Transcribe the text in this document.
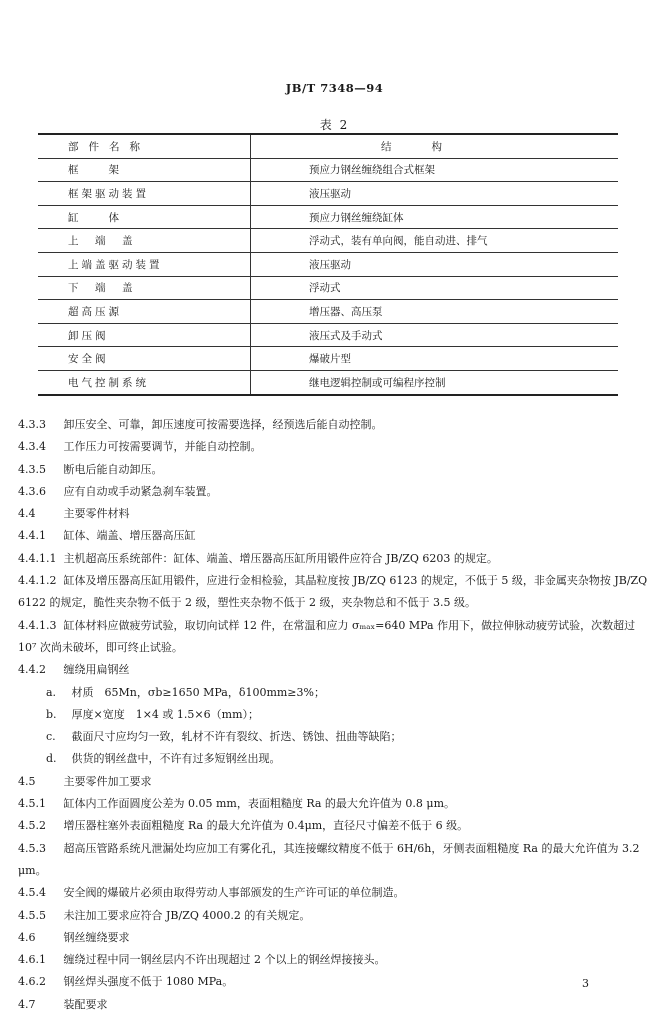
JB/T 7348—94
表 2
部件名称	结构
框　　架	预应力钢丝缠绕组合式框架
框架驱动装置	液压驱动
缸　　体	预应力钢丝缠绕缸体
上　端　盖	浮动式，装有单向阀，能自动进、排气
上端盖驱动装置	液压驱动
下　端　盖	浮动式
超高压源	增压器、高压泵
卸压阀	液压式及手动式
安全阀	爆破片型
电气控制系统	继电逻辑控制或可编程序控制
4.3.3 卸压安全、可靠，卸压速度可按需要选择，经预选后能自动控制。
4.3.4 工作压力可按需要调节，并能自动控制。
4.3.5 断电后能自动卸压。
4.3.6 应有自动或手动紧急刹车装置。
4.4	主要零件材料
4.4.1 缸体、端盖、增压器高压缸
4.4.1.1 主机超高压系统部件：缸体、端盖、增压器高压缸所用锻件应符合 JB/ZQ 6203 的规定。
4.4.1.2 缸体及增压器高压缸用锻件，应进行金相检验，其晶粒度按 JB/ZQ 6123 的规定，不低于 5 级，非金属夹杂物按 JB/ZQ 6122 的规定，脆性夹杂物不低于 2 级，塑性夹杂物不低于 2 级，夹杂物总和不低于 3.5 级。
4.4.1.3 缸体材料应做疲劳试验，取切向试样 12 件，在常温和应力 σₘₐₓ=640 MPa 作用下，做拉伸脉动疲劳试验，次数超过 10⁷ 次尚未破坏，即可终止试验。
4.4.2 缠绕用扁钢丝
a. 材质　65Mn，σb≥1650 MPa，δ100mm≥3%；
b. 厚度×宽度　1×4 或 1.5×6（mm）；
c. 截面尺寸应均匀一致，轧材不许有裂纹、折迭、锈蚀、扭曲等缺陷；
d. 供货的钢丝盘中，不许有过多短钢丝出现。
4.5	主要零件加工要求
4.5.1 缸体内工作面圆度公差为 0.05 mm，表面粗糙度 Ra 的最大允许值为 0.8 μm。
4.5.2 增压器柱塞外表面粗糙度 Ra 的最大允许值为 0.4μm，直径尺寸偏差不低于 6 级。
4.5.3 超高压管路系统凡泄漏处均应加工有雾化孔，其连接螺纹精度不低于 6H/6h，牙侧表面粗糙度 Ra 的最大允许值为 3.2 μm。
4.5.4 安全阀的爆破片必须由取得劳动人事部颁发的生产许可证的单位制造。
4.5.5 未注加工要求应符合 JB/ZQ 4000.2 的有关规定。
4.6	钢丝缠绕要求
4.6.1 缠绕过程中同一钢丝层内不许出现超过 2 个以上的钢丝焊接接头。
4.6.2 钢丝焊头强度不低于 1080 MPa。
4.7	装配要求
3
